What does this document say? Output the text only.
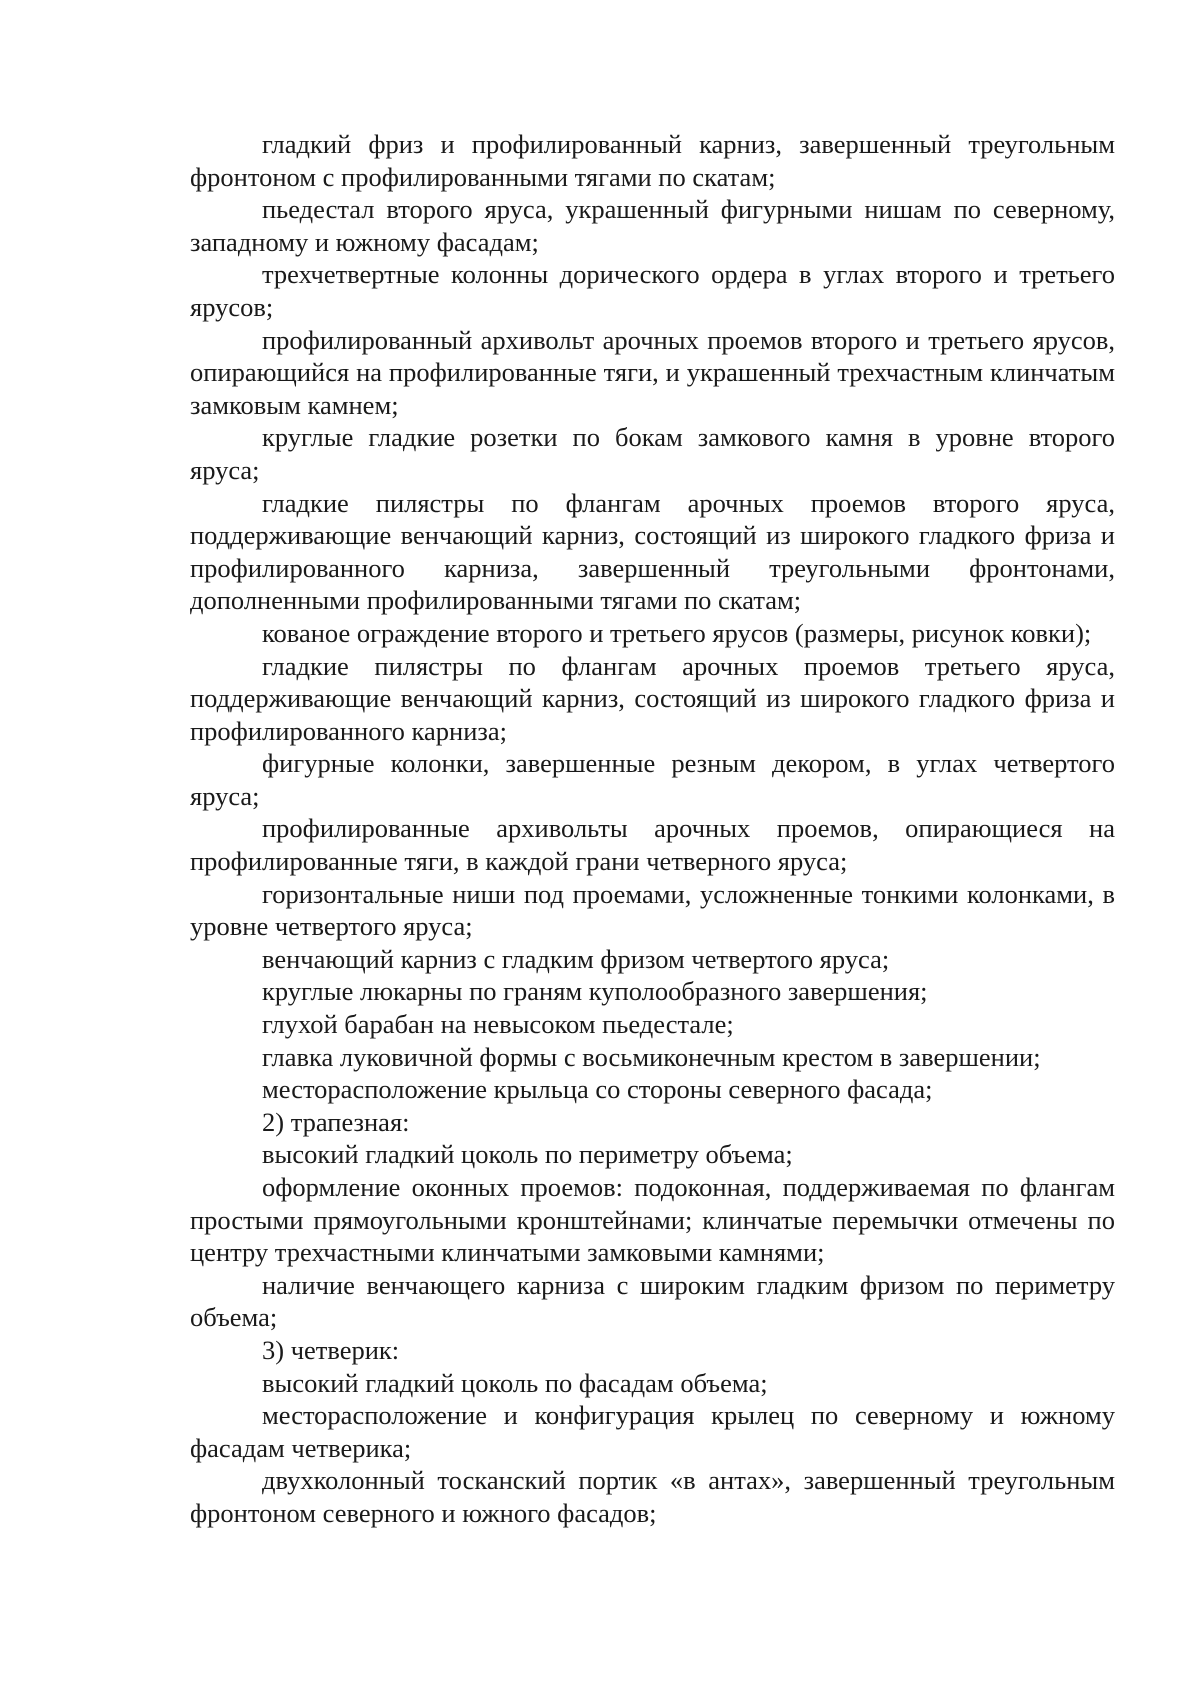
гладкий фриз и профилированный карниз, завершенный треугольным фронтоном с профилированными тягами по скатам;

пьедестал второго яруса, украшенный фигурными нишам по северному, западному и южному фасадам;

трехчетвертные колонны дорического ордера в углах второго и третьего ярусов;

профилированный архивольт арочных проемов второго и третьего ярусов, опирающийся на профилированные тяги, и украшенный трехчастным клинчатым замковым камнем;

круглые гладкие розетки по бокам замкового камня в уровне второго яруса;

гладкие пилястры по флангам арочных проемов второго яруса, поддерживающие венчающий карниз, состоящий из широкого гладкого фриза и профилированного карниза, завершенный треугольными фронтонами, дополненными профилированными тягами по скатам;

кованое ограждение второго и третьего ярусов (размеры, рисунок ковки);

гладкие пилястры по флангам арочных проемов третьего яруса, поддерживающие венчающий карниз, состоящий из широкого гладкого фриза и профилированного карниза;

фигурные колонки, завершенные резным декором, в углах четвертого яруса;

профилированные архивольты арочных проемов, опирающиеся на профилированные тяги, в каждой грани четверного яруса;

горизонтальные ниши под проемами, усложненные тонкими колонками, в уровне четвертого яруса;

венчающий карниз с гладким фризом четвертого яруса;

круглые люкарны по граням куполообразного завершения;

глухой барабан на невысоком пьедестале;

главка луковичной формы с восьмиконечным крестом в завершении;

месторасположение крыльца со стороны северного фасада;

2) трапезная:

высокий гладкий цоколь по периметру объема;

оформление оконных проемов: подоконная, поддерживаемая по флангам простыми прямоугольными кронштейнами; клинчатые перемычки отмечены по центру трехчастными клинчатыми замковыми камнями;

наличие венчающего карниза с широким гладким фризом по периметру объема;

3) четверик:

высокий гладкий цоколь по фасадам объема;

месторасположение и конфигурация крылец по северному и южному фасадам четверика;

двухколонный тосканский портик «в антах», завершенный треугольным фронтоном северного и южного фасадов;
